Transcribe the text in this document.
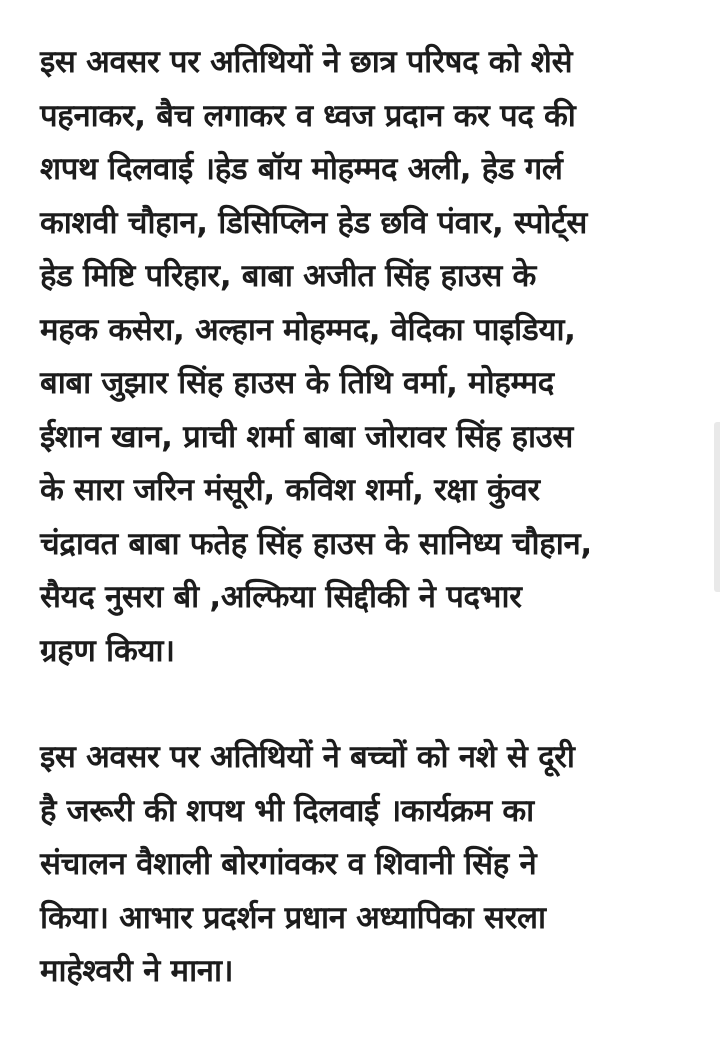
इस अवसर पर अतिथियों ने छात्र परिषद को शेसे
पहनाकर, बैच लगाकर व ध्वज प्रदान कर पद की
शपथ दिलवाई ।हेड बॉय मोहम्मद अली, हेड गर्ल
काशवी चौहान, डिसिप्लिन हेड छवि पंवार, स्पोर्ट्स
हेड मिष्टि परिहार, बाबा अजीत सिंह हाउस के
महक कसेरा, अल्हान मोहम्मद, वेदिका पाइडिया,
बाबा जुझार सिंह हाउस के तिथि वर्मा, मोहम्मद
ईशान खान, प्राची शर्मा बाबा जोरावर सिंह हाउस
के सारा जरिन मंसूरी, कविश शर्मा, रक्षा कुंवर
चंद्रावत बाबा फतेह सिंह हाउस के सानिध्य चौहान,
सैयद नुसरा बी ,अल्फिया सिद्दीकी ने पदभार
ग्रहण किया।

इस अवसर पर अतिथियों ने बच्चों को नशे से दूरी
है जरूरी की शपथ भी दिलवाई ।कार्यक्रम का
संचालन वैशाली बोरगांवकर व शिवानी सिंह ने
किया। आभार प्रदर्शन प्रधान अध्यापिका सरला
माहेश्वरी ने माना।
